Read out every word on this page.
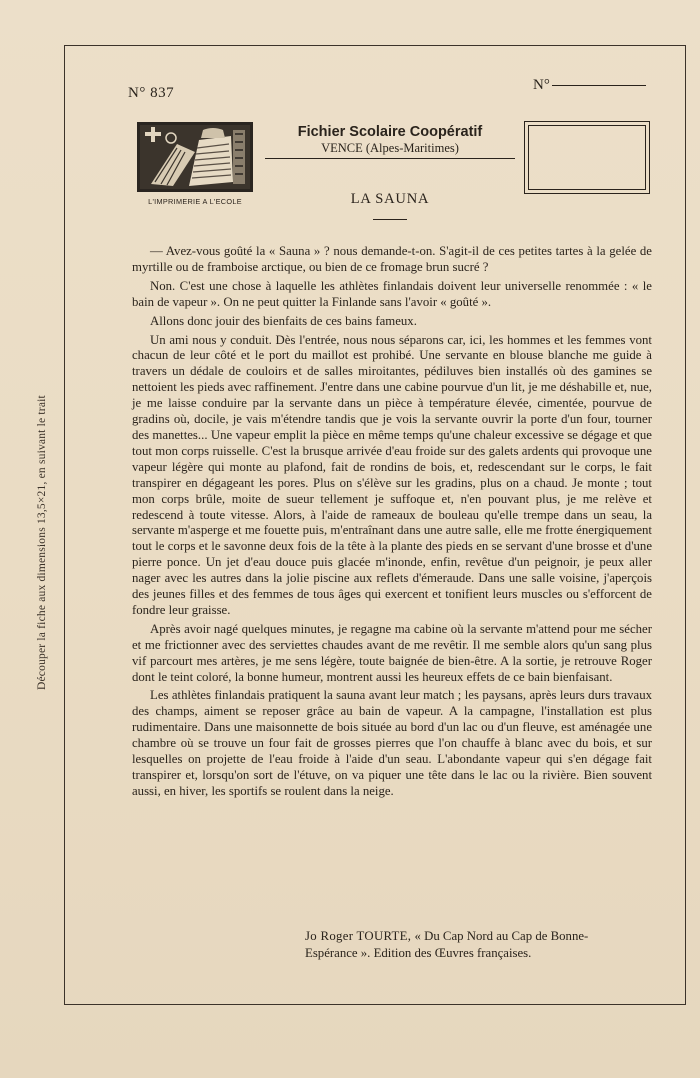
Découper la fiche aux dimensions 13,5×21, en suivant le trait
N° 837	N°
L'IMPRIMERIE A L'ECOLE
Fichier Scolaire Coopératif
VENCE (Alpes-Maritimes)
LA SAUNA

— Avez-vous goûté la « Sauna » ? nous demande-t-on. S'agit-il de ces petites tartes à la gelée de myrtille ou de framboise arctique, ou bien de ce fromage brun sucré ?

Non. C'est une chose à laquelle les athlètes finlandais doivent leur universelle renommée : « le bain de vapeur ». On ne peut quitter la Finlande sans l'avoir « goûté ».

Allons donc jouir des bienfaits de ces bains fameux.

Un ami nous y conduit. Dès l'entrée, nous nous séparons car, ici, les hommes et les femmes vont chacun de leur côté et le port du maillot est prohibé. Une servante en blouse blanche me guide à travers un dédale de couloirs et de salles miroitantes, pédiluves bien installés où des gamines se nettoient les pieds avec raffinement. J'entre dans une cabine pourvue d'un lit, je me déshabille et, nue, je me laisse conduire par la servante dans un pièce à température élevée, cimentée, pourvue de gradins où, docile, je vais m'étendre tandis que je vois la servante ouvrir la porte d'un four, tourner des manettes... Une vapeur emplit la pièce en même temps qu'une chaleur excessive se dégage et que tout mon corps ruisselle. C'est la brusque arrivée d'eau froide sur des galets ardents qui provoque une vapeur légère qui monte au plafond, fait de rondins de bois, et, redescendant sur le corps, le fait transpirer en dégageant les pores. Plus on s'élève sur les gradins, plus on a chaud. Je monte ; tout mon corps brûle, moite de sueur tellement je suffoque et, n'en pouvant plus, je me relève et redescend à toute vitesse. Alors, à l'aide de rameaux de bouleau qu'elle trempe dans un seau, la servante m'asperge et me fouette puis, m'entraînant dans une autre salle, elle me frotte énergiquement tout le corps et le savonne deux fois de la tête à la plante des pieds en se servant d'une brosse et d'une pierre ponce. Un jet d'eau douce puis glacée m'inonde, enfin, revêtue d'un peignoir, je peux aller nager avec les autres dans la jolie piscine aux reflets d'émeraude. Dans une salle voisine, j'aperçois des jeunes filles et des femmes de tous âges qui exercent et tonifient leurs muscles ou s'efforcent de fondre leur graisse.

Après avoir nagé quelques minutes, je regagne ma cabine où la servante m'attend pour me sécher et me frictionner avec des serviettes chaudes avant de me revêtir. Il me semble alors qu'un sang plus vif parcourt mes artères, je me sens légère, toute baignée de bien-être. A la sortie, je retrouve Roger dont le teint coloré, la bonne humeur, montrent aussi les heureux effets de ce bain bienfaisant.

Les athlètes finlandais pratiquent la sauna avant leur match ; les paysans, après leurs durs travaux des champs, aiment se reposer grâce au bain de vapeur. A la campagne, l'installation est plus rudimentaire. Dans une maisonnette de bois située au bord d'un lac ou d'un fleuve, est aménagée une chambre où se trouve un four fait de grosses pierres que l'on chauffe à blanc avec du bois, et sur lesquelles on projette de l'eau froide à l'aide d'un seau. L'abondante vapeur qui s'en dégage fait transpirer et, lorsqu'on sort de l'étuve, on va piquer une tête dans le lac ou la rivière. Bien souvent aussi, en hiver, les sportifs se roulent dans la neige.

Jo Roger TOURTE, « Du Cap Nord au Cap de Bonne-Espérance ». Edition des Œuvres françaises.
